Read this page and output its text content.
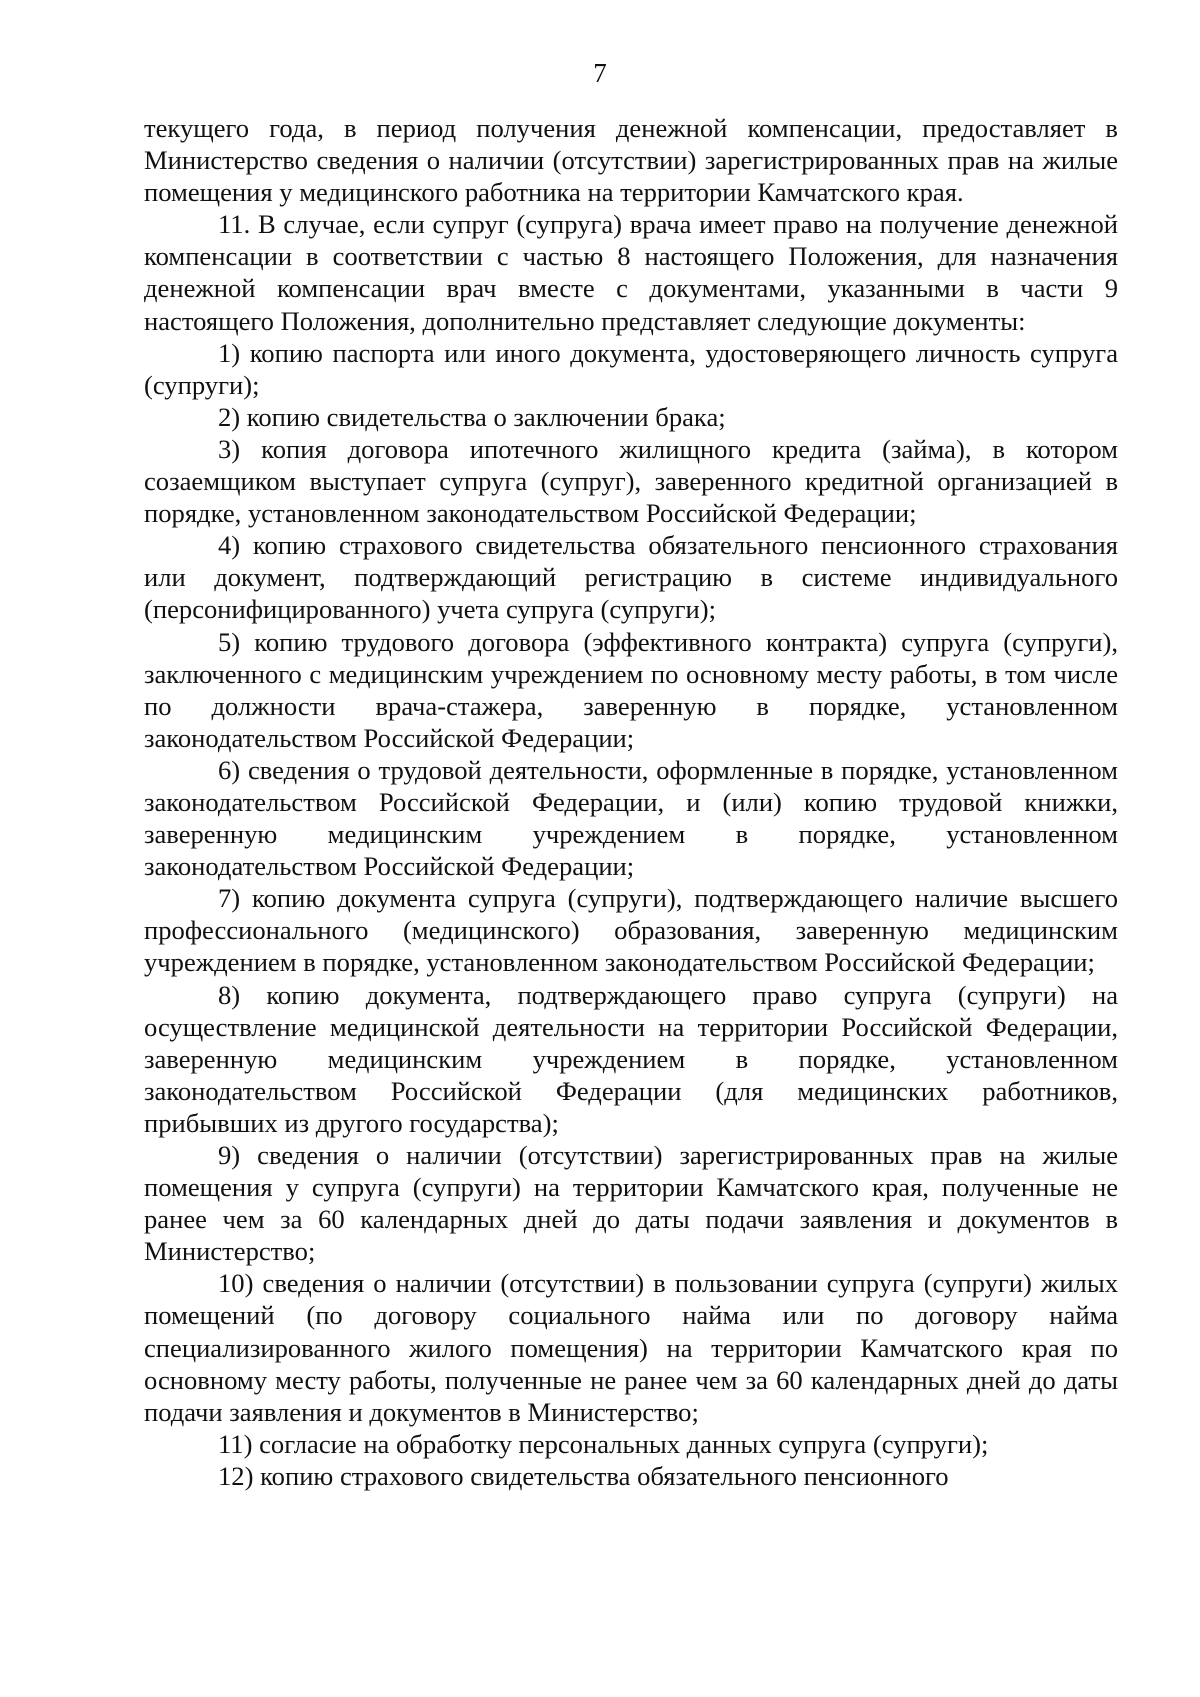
7

текущего года, в период получения денежной компенсации, предоставляет в Министерство сведения о наличии (отсутствии) зарегистрированных прав на жилые помещения у медицинского работника на территории Камчатского края.

11. В случае, если супруг (супруга) врача имеет право на получение денежной компенсации в соответствии с частью 8 настоящего Положения, для назначения денежной компенсации врач вместе с документами, указанными в части 9 настоящего Положения, дополнительно представляет следующие документы:

1) копию паспорта или иного документа, удостоверяющего личность супруга (супруги);

2) копию свидетельства о заключении брака;

3) копия договора ипотечного жилищного кредита (займа), в котором созаемщиком выступает супруга (супруг), заверенного кредитной организацией в порядке, установленном законодательством Российской Федерации;

4) копию страхового свидетельства обязательного пенсионного страхования или документ, подтверждающий регистрацию в системе индивидуального (персонифицированного) учета супруга (супруги);

5) копию трудового договора (эффективного контракта) супруга (супруги), заключенного с медицинским учреждением по основному месту работы, в том числе по должности врача-стажера, заверенную в порядке, установленном законодательством Российской Федерации;

6) сведения о трудовой деятельности, оформленные в порядке, установленном законодательством Российской Федерации, и (или) копию трудовой книжки, заверенную медицинским учреждением в порядке, установленном законодательством Российской Федерации;

7) копию документа супруга (супруги), подтверждающего наличие высшего профессионального (медицинского) образования, заверенную медицинским учреждением в порядке, установленном законодательством Российской Федерации;

8) копию документа, подтверждающего право супруга (супруги) на осуществление медицинской деятельности на территории Российской Федерации, заверенную медицинским учреждением в порядке, установленном законодательством Российской Федерации (для медицинских работников, прибывших из другого государства);

9) сведения о наличии (отсутствии) зарегистрированных прав на жилые помещения у супруга (супруги) на территории Камчатского края, полученные не ранее чем за 60 календарных дней до даты подачи заявления и документов в Министерство;

10) сведения о наличии (отсутствии) в пользовании супруга (супруги) жилых помещений (по договору социального найма или по договору найма специализированного жилого помещения) на территории Камчатского края по основному месту работы, полученные не ранее чем за 60 календарных дней до даты подачи заявления и документов в Министерство;

11) согласие на обработку персональных данных супруга (супруги);

12) копию страхового свидетельства обязательного пенсионного
